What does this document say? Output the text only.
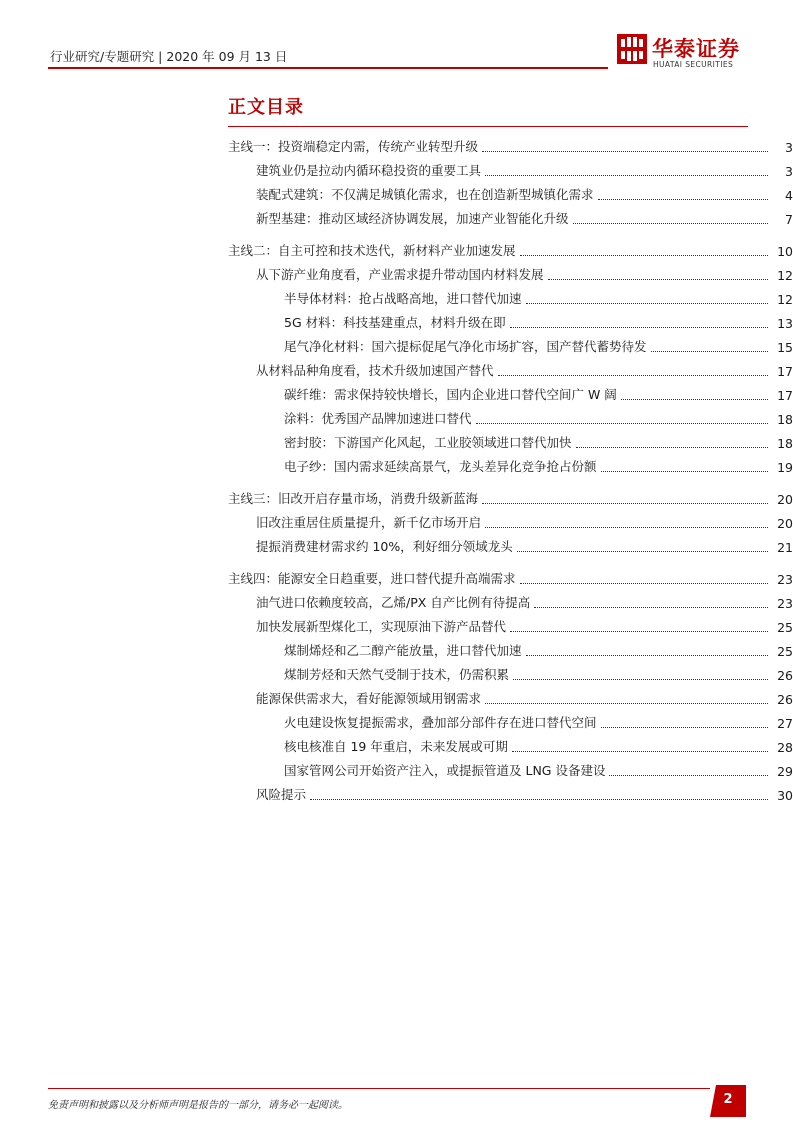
行业研究/专题研究 | 2020 年 09 月 13 日	华泰证券
HUATAI SECURITIES
正文目录
主线一：投资端稳定内需，传统产业转型升级	3
建筑业仍是拉动内循环稳投资的重要工具	3
装配式建筑：不仅满足城镇化需求，也在创造新型城镇化需求	4
新型基建：推动区域经济协调发展，加速产业智能化升级	7
主线二：自主可控和技术迭代，新材料产业加速发展	10
从下游产业角度看，产业需求提升带动国内材料发展	12
半导体材料：抢占战略高地，进口替代加速	12
5G 材料：科技基建重点，材料升级在即	13
尾气净化材料：国六提标促尾气净化市场扩容，国产替代蓄势待发	15
从材料品种角度看，技术升级加速国产替代	17
碳纤维：需求保持较快增长，国内企业进口替代空间广 W 阔	17
涂料：优秀国产品牌加速进口替代	18
密封胶：下游国产化风起，工业胶领域进口替代加快	18
电子纱：国内需求延续高景气，龙头差异化竞争抢占份额	19
主线三：旧改开启存量市场，消费升级新蓝海	20
旧改注重居住质量提升，新千亿市场开启	20
提振消费建材需求约 10%，利好细分领域龙头	21
主线四：能源安全日趋重要，进口替代提升高端需求	23
油气进口依赖度较高，乙烯/PX 自产比例有待提高	23
加快发展新型煤化工，实现原油下游产品替代	25
煤制烯烃和乙二醇产能放量，进口替代加速	25
煤制芳烃和天然气受制于技术，仍需积累	26
能源保供需求大，看好能源领域用钢需求	26
火电建设恢复提振需求，叠加部分部件存在进口替代空间	27
核电核准自 19 年重启，未来发展或可期	28
国家管网公司开始资产注入，或提振管道及 LNG 设备建设	29
风险提示	30
免责声明和披露以及分析师声明是报告的一部分，请务必一起阅读。	2
